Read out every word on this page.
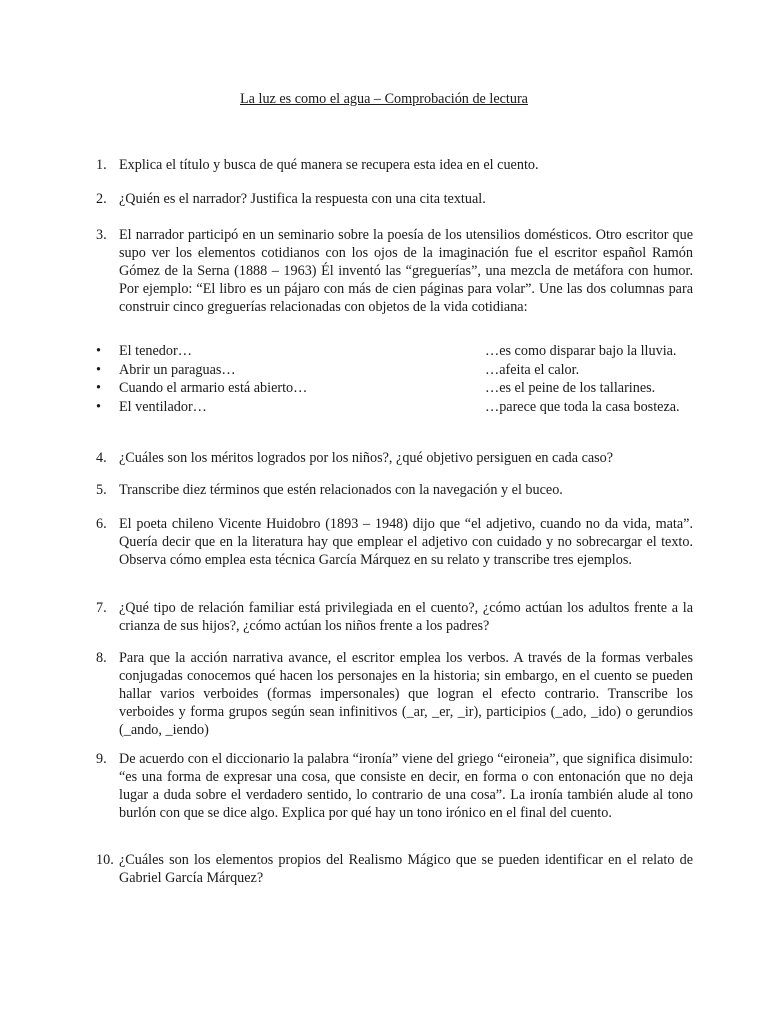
La luz es como el agua – Comprobación de lectura
1. Explica el título y busca de qué manera se recupera esta idea en el cuento.
2. ¿Quién es el narrador? Justifica la respuesta con una cita textual.
3. El narrador participó en un seminario sobre la poesía de los utensilios domésticos. Otro escritor que supo ver los elementos cotidianos con los ojos de la imaginación fue el escritor español Ramón Gómez de la Serna (1888 – 1963) Él inventó las “greguerías”, una mezcla de metáfora con humor. Por ejemplo: “El libro es un pájaro con más de cien páginas para volar”. Une las dos columnas para construir cinco greguerías relacionadas con objetos de la vida cotidiana:
•	El tenedor…	…es como disparar bajo la lluvia.
•	Abrir un paraguas…	…afeita el calor.
•	Cuando el armario está abierto…	…es el peine de los tallarines.
•	El ventilador…	…parece que toda la casa bosteza.
4. ¿Cuáles son los méritos logrados por los niños?, ¿qué objetivo persiguen en cada caso?
5. Transcribe diez términos que estén relacionados con la navegación y el buceo.
6. El poeta chileno Vicente Huidobro (1893 – 1948) dijo que “el adjetivo, cuando no da vida, mata”. Quería decir que en la literatura hay que emplear el adjetivo con cuidado y no sobrecargar el texto. Observa cómo emplea esta técnica García Márquez en su relato y transcribe tres ejemplos.
7. ¿Qué tipo de relación familiar está privilegiada en el cuento?, ¿cómo actúan los adultos frente a la crianza de sus hijos?, ¿cómo actúan los niños frente a los padres?
8. Para que la acción narrativa avance, el escritor emplea los verbos. A través de la formas verbales conjugadas conocemos qué hacen los personajes en la historia; sin embargo, en el cuento se pueden hallar varios verboides (formas impersonales) que logran el efecto contrario. Transcribe los verboides y forma grupos según sean infinitivos (_ar, _er, _ir), participios (_ado, _ido) o gerundios (_ando, _iendo)
9. De acuerdo con el diccionario la palabra “ironía” viene del griego “eironeia”, que significa disimulo: “es una forma de expresar una cosa, que consiste en decir, en forma o con entonación que no deja lugar a duda sobre el verdadero sentido, lo contrario de una cosa”. La ironía también alude al tono burlón con que se dice algo. Explica por qué hay un tono irónico en el final del cuento.
10. ¿Cuáles son los elementos propios del Realismo Mágico que se pueden identificar en el relato de Gabriel García Márquez?
